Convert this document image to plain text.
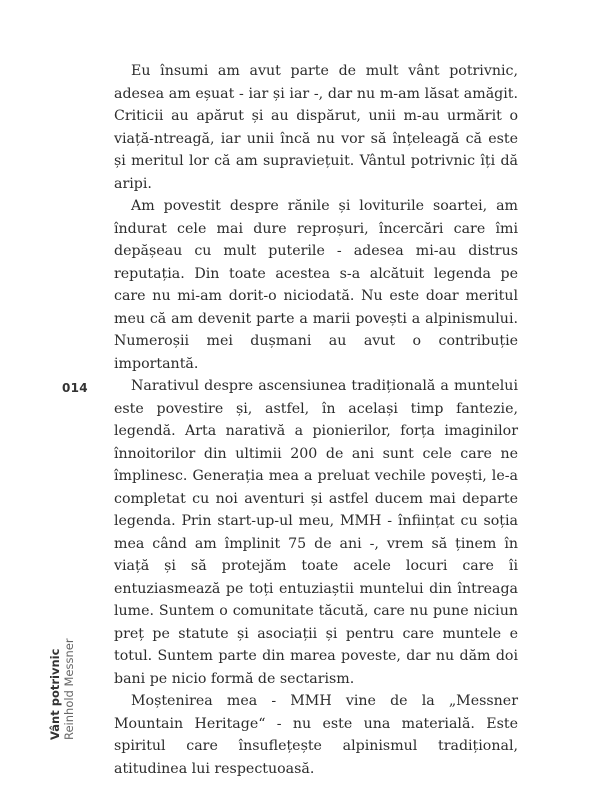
Eu însumi am avut parte de mult vânt potrivnic, adesea am eșuat - iar și iar -, dar nu m-am lăsat amăgit. Criticii au apărut și au dispărut, unii m-au urmărit o viață-ntreagă, iar unii încă nu vor să înțeleagă că este și meritul lor că am supraviețuit. Vântul potrivnic îți dă aripi.

Am povestit despre rănile și loviturile soartei, am îndurat cele mai dure reproșuri, încercări care îmi depășeau cu mult puterile - adesea mi-au distrus reputația. Din toate acestea s-a alcătuit legenda pe care nu mi-am dorit-o niciodată. Nu este doar meritul meu că am devenit parte a marii povești a alpinismului. Numeroșii mei dușmani au avut o contribuție importantă.

Narativul despre ascensiunea tradițională a muntelui este povestire și, astfel, în același timp fantezie, legendă. Arta narativă a pionierilor, forța imaginilor înnoitorilor din ultimii 200 de ani sunt cele care ne împlinesc. Generația mea a preluat vechile povești, le-a completat cu noi aventuri și astfel ducem mai departe legenda. Prin start-up-ul meu, MMH - înființat cu soția mea când am împlinit 75 de ani -, vrem să ținem în viață și să protejăm toate acele locuri care îi entuziasmează pe toți entuziaștii muntelui din întreaga lume. Suntem o comunitate tăcută, care nu pune niciun preț pe statute și asociații și pentru care muntele e totul. Suntem parte din marea poveste, dar nu dăm doi bani pe nicio formă de sectarism.

Moștenirea mea - MMH vine de la „Messner Mountain Heritage“ - nu este una materială. Este spiritul care însuflețește alpinismul tradițional, atitudinea lui respectuoasă.

014
Vânt potrivnic Reinhold Messner
